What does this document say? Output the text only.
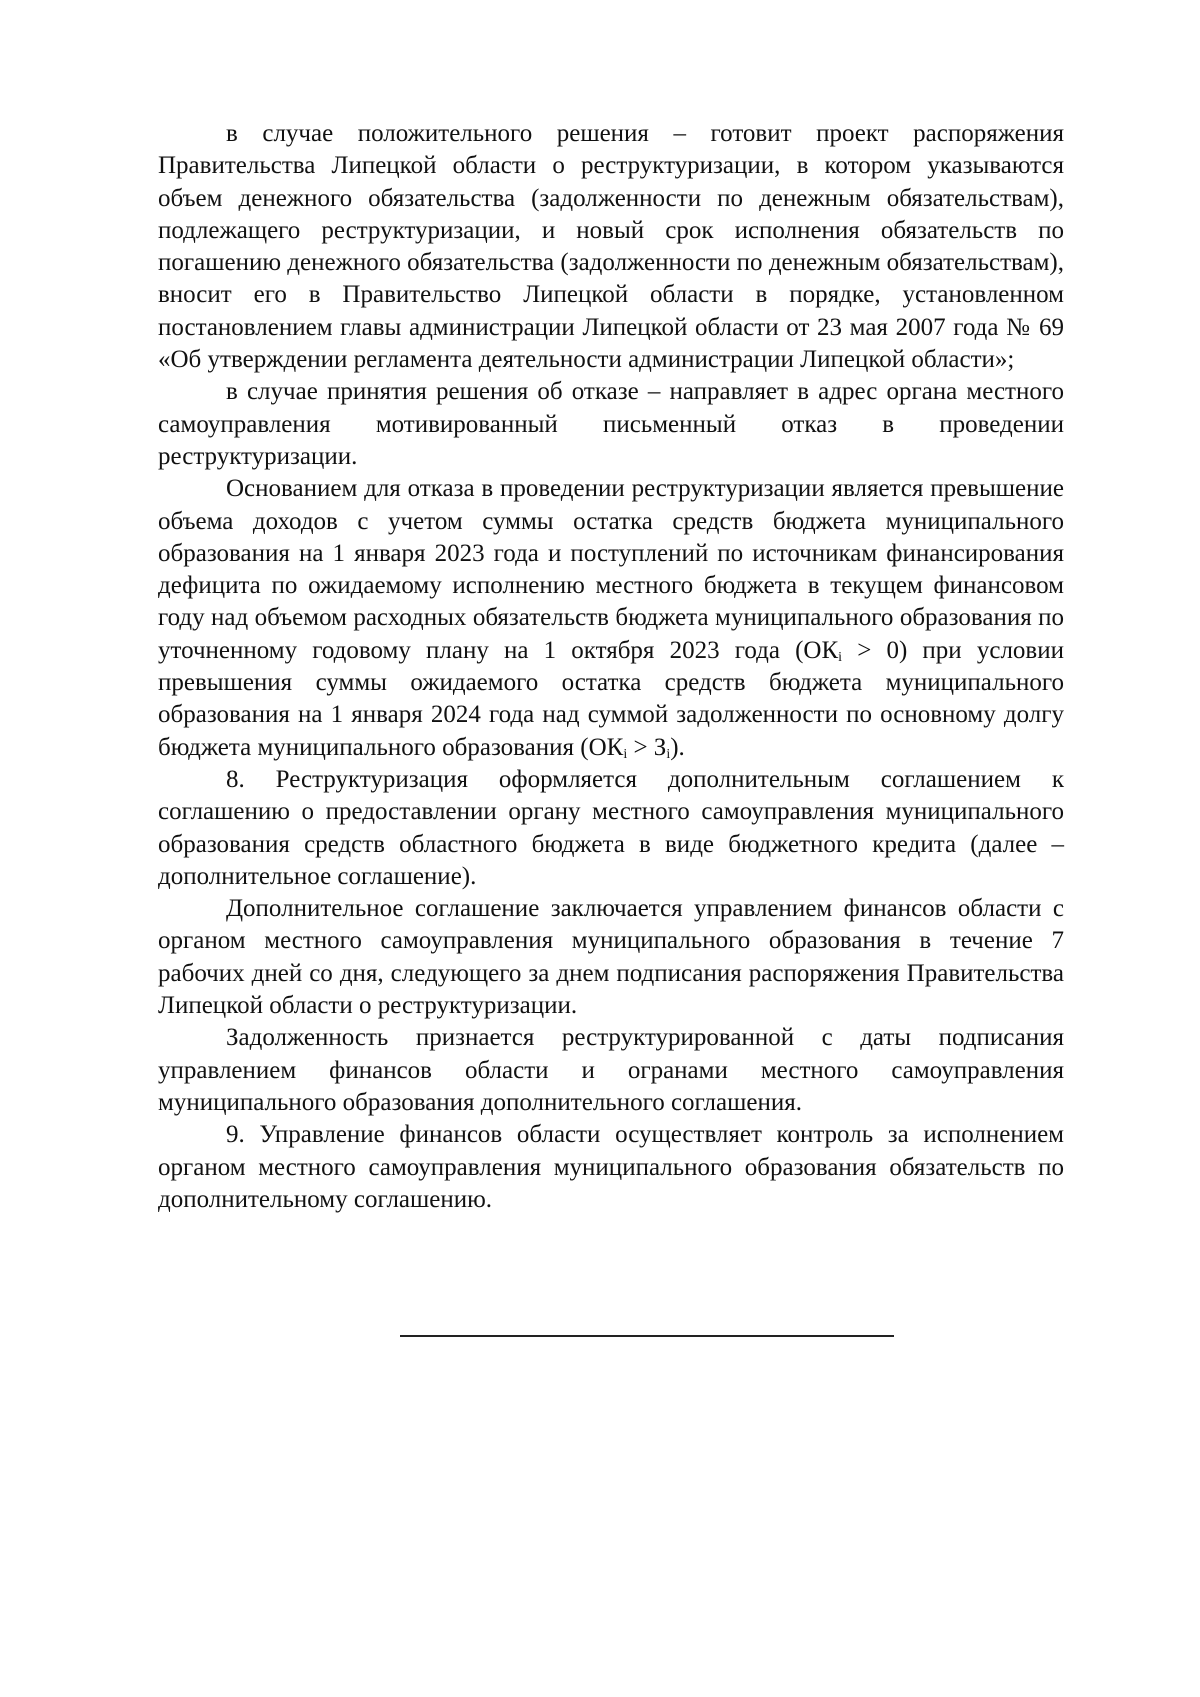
в случае положительного решения – готовит проект распоряжения Правительства Липецкой области о реструктуризации, в котором указываются объем денежного обязательства (задолженности по денежным обязательствам), подлежащего реструктуризации, и новый срок исполнения обязательств по погашению денежного обязательства (задолженности по денежным обязательствам), вносит его в Правительство Липецкой области в порядке, установленном постановлением главы администрации Липецкой области от 23 мая 2007 года № 69 «Об утверждении регламента деятельности администрации Липецкой области»;

в случае принятия решения об отказе – направляет в адрес органа местного самоуправления мотивированный письменный отказ в проведении реструктуризации.

Основанием для отказа в проведении реструктуризации является превышение объема доходов с учетом суммы остатка средств бюджета муниципального образования на 1 января 2023 года и поступлений по источникам финансирования дефицита по ожидаемому исполнению местного бюджета в текущем финансовом году над объемом расходных обязательств бюджета муниципального образования по уточненному годовому плану на 1 октября 2023 года $(ОК_i > 0)$ при условии превышения суммы ожидаемого остатка средств бюджета муниципального образования на 1 января 2024 года над суммой задолженности по основному долгу бюджета муниципального образования $(ОК_i > З_i)$.

8. Реструктуризация оформляется дополнительным соглашением к соглашению о предоставлении органу местного самоуправления муниципального образования средств областного бюджета в виде бюджетного кредита (далее – дополнительное соглашение).

Дополнительное соглашение заключается управлением финансов области с органом местного самоуправления муниципального образования в течение 7 рабочих дней со дня, следующего за днем подписания распоряжения Правительства Липецкой области о реструктуризации.

Задолженность признается реструктурированной с даты подписания управлением финансов области и огранами местного самоуправления муниципального образования дополнительного соглашения.

9. Управление финансов области осуществляет контроль за исполнением органом местного самоуправления муниципального образования обязательств по дополнительному соглашению.
